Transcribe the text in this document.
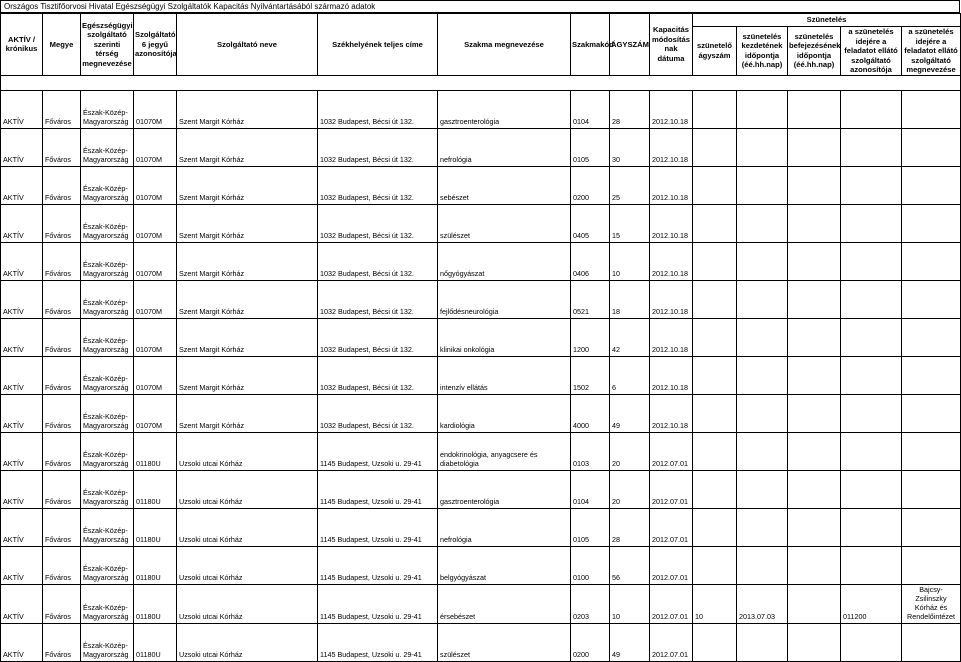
Országos Tisztifőorvosi Hivatal Egészségügyi Szolgáltatók Kapacitás Nyilvántartásából származó adatok
AKTÍV / krónikus	Megye	Egészségügyi szolgáltató szerinti térség megnevezése	Szolgáltató 6 jegyű azonosítója	Szolgáltató neve	Székhelyének teljes címe	Szakma megnevezése	Szakmakód	ÁGYSZÁM	Kapacitás módosítás nak dátuma	Szünetelés				
										szünetelő ágyszám	szünetelés kezdetének időpontja (éé.hh.nap)	szünetelés befejezésének időpontja (éé.hh.nap)	a szünetelés idejére a feladatot ellátó szolgáltató azonosítója	a szünetelés idejére a feladatot ellátó szolgáltató megnevezése

AKTÍV	Főváros	Észak-Közép-Magyarország	01070M	Szent Margit Kórház	1032 Budapest, Bécsi út 132.	gasztroenterológia	0104	28	2012.10.18					
AKTÍV	Főváros	Észak-Közép-Magyarország	01070M	Szent Margit Kórház	1032 Budapest, Bécsi út 132.	nefrológia	0105	30	2012.10.18					
AKTÍV	Főváros	Észak-Közép-Magyarország	01070M	Szent Margit Kórház	1032 Budapest, Bécsi út 132.	sebészet	0200	25	2012.10.18					
AKTÍV	Főváros	Észak-Közép-Magyarország	01070M	Szent Margit Kórház	1032 Budapest, Bécsi út 132.	szülészet	0405	15	2012.10.18					
AKTÍV	Főváros	Észak-Közép-Magyarország	01070M	Szent Margit Kórház	1032 Budapest, Bécsi út 132.	nőgyógyászat	0406	10	2012.10.18					
AKTÍV	Főváros	Észak-Közép-Magyarország	01070M	Szent Margit Kórház	1032 Budapest, Bécsi út 132.	fejlődésneurológia	0521	18	2012.10.18					
AKTÍV	Főváros	Észak-Közép-Magyarország	01070M	Szent Margit Kórház	1032 Budapest, Bécsi út 132.	klinikai onkológia	1200	42	2012.10.18					
AKTÍV	Főváros	Észak-Közép-Magyarország	01070M	Szent Margit Kórház	1032 Budapest, Bécsi út 132.	intenzív ellátás	1502	6	2012.10.18					
AKTÍV	Főváros	Észak-Közép-Magyarország	01070M	Szent Margit Kórház	1032 Budapest, Bécsi út 132.	kardiológia	4000	49	2012.10.18					
AKTÍV	Főváros	Észak-Közép-Magyarország	01180U	Uzsoki utcai Kórház	1145 Budapest, Uzsoki u. 29-41	endokrinológia, anyagcsere és diabetológia	0103	20	2012.07.01					
AKTÍV	Főváros	Észak-Közép-Magyarország	01180U	Uzsoki utcai Kórház	1145 Budapest, Uzsoki u. 29-41	gasztroenterológia	0104	20	2012.07.01					
AKTÍV	Főváros	Észak-Közép-Magyarország	01180U	Uzsoki utcai Kórház	1145 Budapest, Uzsoki u. 29-41	nefrológia	0105	28	2012.07.01					
AKTÍV	Főváros	Észak-Közép-Magyarország	01180U	Uzsoki utcai Kórház	1145 Budapest, Uzsoki u. 29-41	belgyógyászat	0100	56	2012.07.01					
AKTÍV	Főváros	Észak-Közép-Magyarország	01180U	Uzsoki utcai Kórház	1145 Budapest, Uzsoki u. 29-41	érsebészet	0203	10	2012.07.01	10	2013.07.03		011200	Bajcsy-Zsilinszky Kórház és Rendelőintézet
AKTÍV	Főváros	Észak-Közép-Magyarország	01180U	Uzsoki utcai Kórház	1145 Budapest, Uzsoki u. 29-41	szülészet	0200	49	2012.07.01					
